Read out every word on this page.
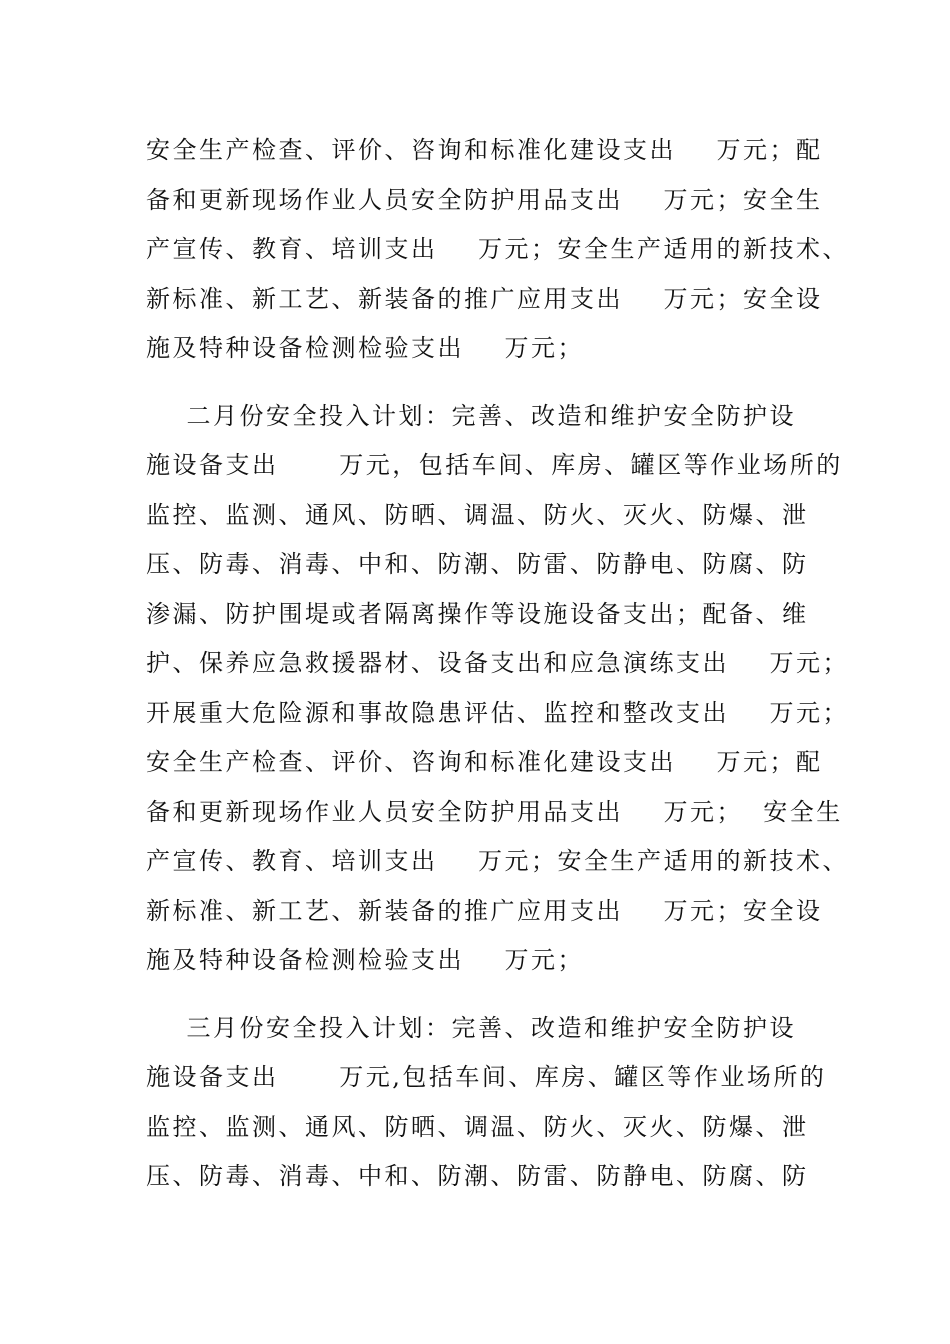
安全生产检查、评价、咨询和标准化建设支出    万元；配
备和更新现场作业人员安全防护用品支出    万元；安全生
产宣传、教育、培训支出    万元；安全生产适用的新技术、
新标准、新工艺、新装备的推广应用支出    万元；安全设
施及特种设备检测检验支出    万元；
二月份安全投入计划：完善、改造和维护安全防护设
施设备支出      万元，包括车间、库房、罐区等作业场所的
监控、监测、通风、防晒、调温、防火、灭火、防爆、泄
压、防毒、消毒、中和、防潮、防雷、防静电、防腐、防
渗漏、防护围堤或者隔离操作等设施设备支出；配备、维
护、保养应急救援器材、设备支出和应急演练支出    万元；
开展重大危险源和事故隐患评估、监控和整改支出    万元；
安全生产检查、评价、咨询和标准化建设支出    万元；配
备和更新现场作业人员安全防护用品支出    万元；  安全生
产宣传、教育、培训支出    万元；安全生产适用的新技术、
新标准、新工艺、新装备的推广应用支出    万元；安全设
施及特种设备检测检验支出    万元；
三月份安全投入计划：完善、改造和维护安全防护设
施设备支出      万元,包括车间、库房、罐区等作业场所的
监控、监测、通风、防晒、调温、防火、灭火、防爆、泄
压、防毒、消毒、中和、防潮、防雷、防静电、防腐、防
